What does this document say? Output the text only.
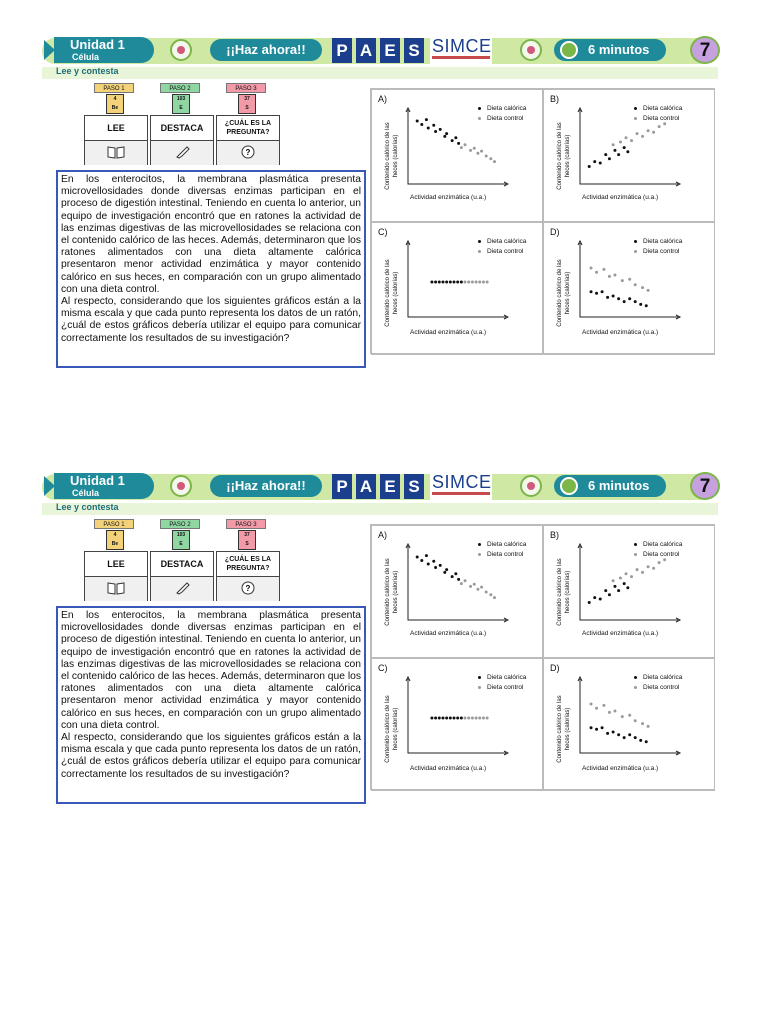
Unidad 1
Célula	¡¡Haz ahora!!	P A E S SIMCE	6 minutos	7
Lee y contesta
PASO 1
4
Be
LEE
PASO 2
103
E
DESTACA
PASO 3
37
S
¿CUÁL ES LA
PREGUNTA?
?

En los enterocitos, la membrana plasmática presenta microvellosidades donde diversas enzimas participan en el proceso de digestión intestinal. Teniendo en cuenta lo anterior, un equipo de investigación encontró que en ratones la actividad de las enzimas digestivas de las microvellosidades se relaciona con el contenido calórico de las heces. Además, determinaron que los ratones alimentados con una dieta altamente calórica presentaron menor actividad enzimática y mayor contenido calórico en sus heces, en comparación con un grupo alimentado con una dieta control.

Al respecto, considerando que los siguientes gráficos están a la misma escala y que cada punto representa los datos de un ratón, ¿cuál de estos gráficos debería utilizar el equipo para comunicar correctamente los resultados de su investigación?

A)
Contenido calórico de las heces (calorías)
Actividad enzimática (u.a.)
Dieta calórica
Dieta control
B)
Contenido calórico de las heces (calorías)
Actividad enzimática (u.a.)
Dieta calórica
Dieta control
C)
Contenido calórico de las heces (calorías)
Actividad enzimática (u.a.)
Dieta calórica
Dieta control
D)
Contenido calórico de las heces (calorías)
Actividad enzimática (u.a.)
Dieta calórica
Dieta control
Unidad 1
Célula	¡¡Haz ahora!!	P A E S SIMCE	6 minutos	7
Lee y contesta
PASO 1
4
Be
LEE
PASO 2
103
E
DESTACA
PASO 3
37
S
¿CUÁL ES LA
PREGUNTA?
?

En los enterocitos, la membrana plasmática presenta microvellosidades donde diversas enzimas participan en el proceso de digestión intestinal. Teniendo en cuenta lo anterior, un equipo de investigación encontró que en ratones la actividad de las enzimas digestivas de las microvellosidades se relaciona con el contenido calórico de las heces. Además, determinaron que los ratones alimentados con una dieta altamente calórica presentaron menor actividad enzimática y mayor contenido calórico en sus heces, en comparación con un grupo alimentado con una dieta control.

Al respecto, considerando que los siguientes gráficos están a la misma escala y que cada punto representa los datos de un ratón, ¿cuál de estos gráficos debería utilizar el equipo para comunicar correctamente los resultados de su investigación?

A)
Contenido calórico de las heces (calorías)
Actividad enzimática (u.a.)
Dieta calórica
Dieta control
B)
Contenido calórico de las heces (calorías)
Actividad enzimática (u.a.)
Dieta calórica
Dieta control
C)
Contenido calórico de las heces (calorías)
Actividad enzimática (u.a.)
Dieta calórica
Dieta control
D)
Contenido calórico de las heces (calorías)
Actividad enzimática (u.a.)
Dieta calórica
Dieta control
